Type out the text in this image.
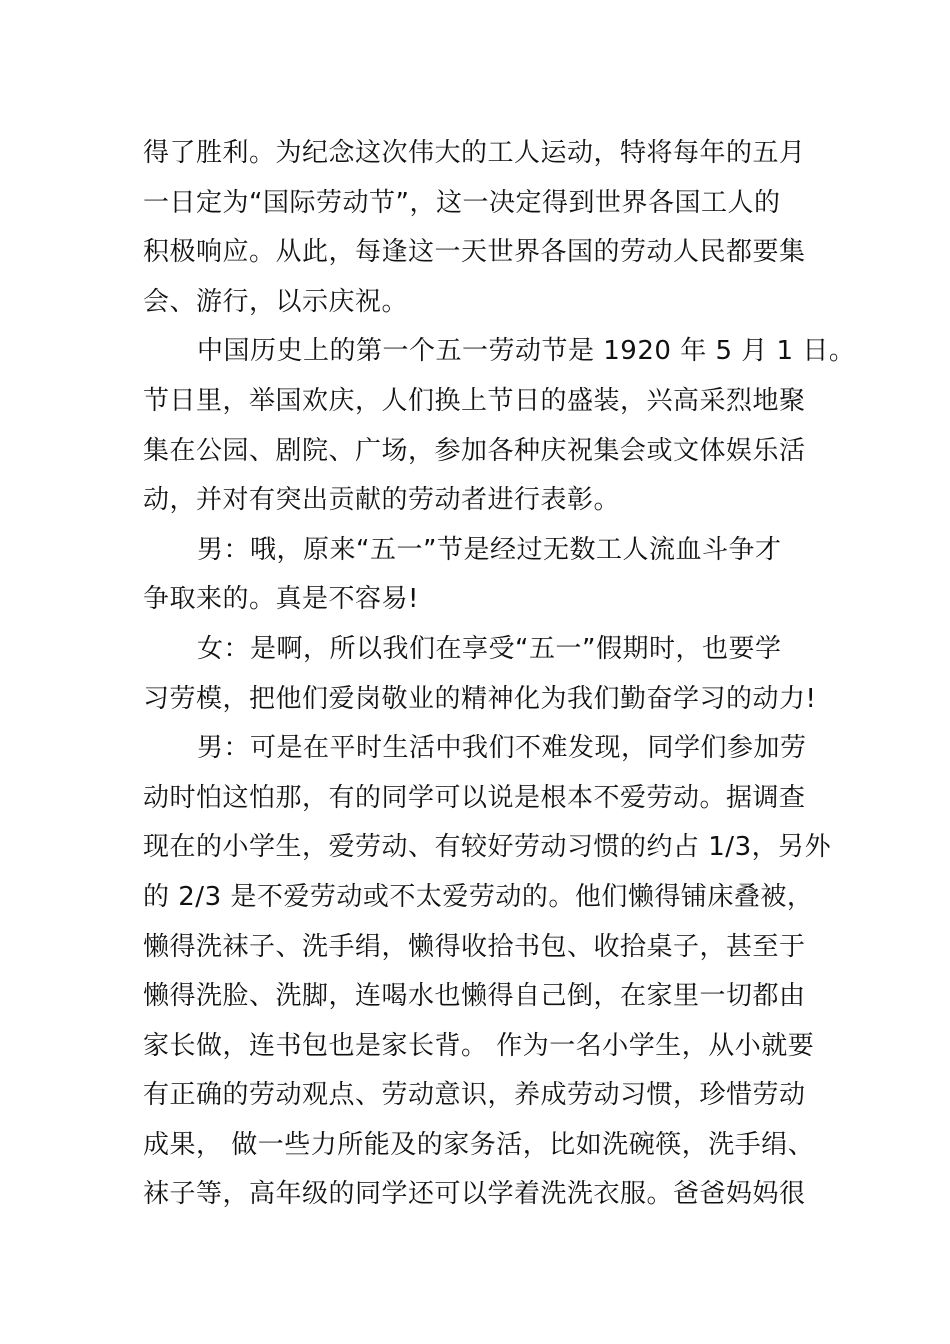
得了胜利。为纪念这次伟大的工人运动，特将每年的五月
一日定为“国际劳动节”，这一决定得到世界各国工人的
积极响应。从此，每逢这一天世界各国的劳动人民都要集
会、游行，以示庆祝。
中国历史上的第一个五一劳动节是 1920 年 5 月 1 日。
节日里，举国欢庆，人们换上节日的盛装，兴高采烈地聚
集在公园、剧院、广场，参加各种庆祝集会或文体娱乐活
动，并对有突出贡献的劳动者进行表彰。
男：哦，原来“五一”节是经过无数工人流血斗争才
争取来的。真是不容易!
女：是啊，所以我们在享受“五一”假期时，也要学
习劳模，把他们爱岗敬业的精神化为我们勤奋学习的动力!
男：可是在平时生活中我们不难发现，同学们参加劳
动时怕这怕那，有的同学可以说是根本不爱劳动。据调查
现在的小学生，爱劳动、有较好劳动习惯的约占 1/3，另外
的 2/3 是不爱劳动或不太爱劳动的。他们懒得铺床叠被，
懒得洗袜子、洗手绢，懒得收拾书包、收拾桌子，甚至于
懒得洗脸、洗脚，连喝水也懒得自己倒，在家里一切都由
家长做，连书包也是家长背。 作为一名小学生，从小就要
有正确的劳动观点、劳动意识，养成劳动习惯，珍惜劳动
成果， 做一些力所能及的家务活，比如洗碗筷，洗手绢、
袜子等，高年级的同学还可以学着洗洗衣服。爸爸妈妈很
